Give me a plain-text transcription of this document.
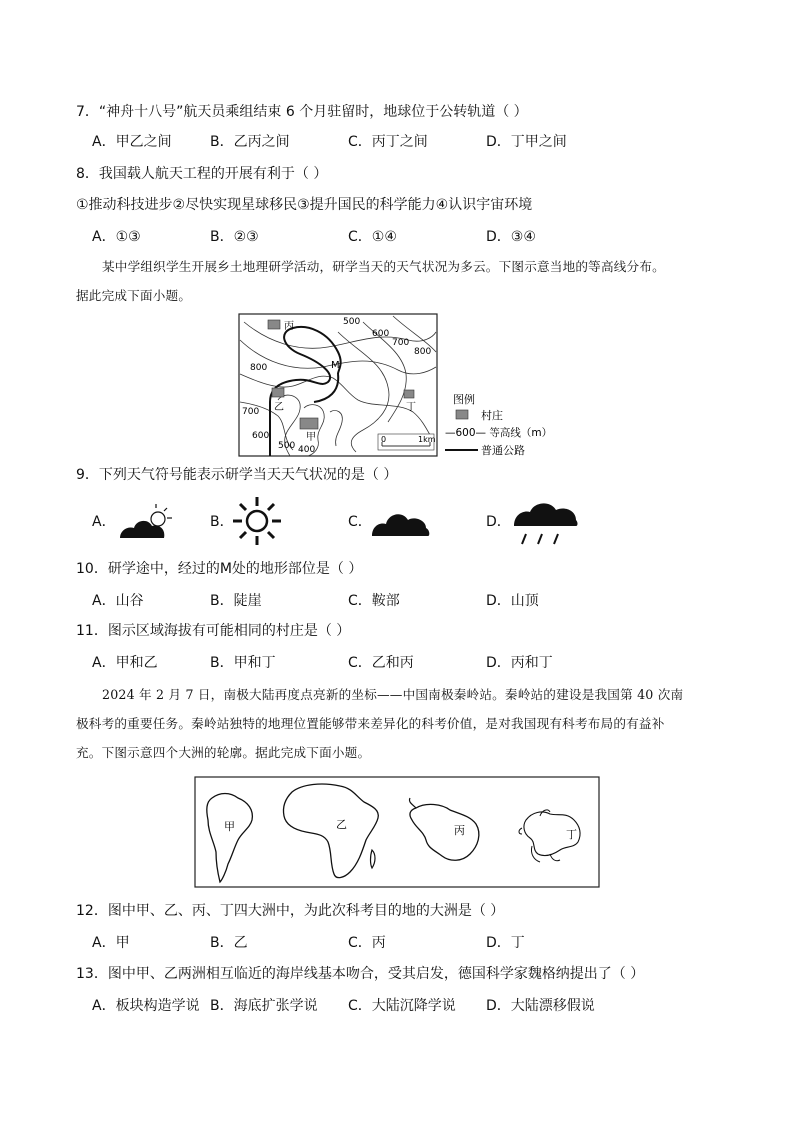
7．“神舟十八号”航天员乘组结束 6 个月驻留时，地球位于公转轨道（ ）
A．甲乙之间	B．乙丙之间	C．丙丁之间	D．丁甲之间
8．我国载人航天工程的开展有利于（ ）
①推动科技进步②尽快实现星球移民③提升国民的科学能力④认识宇宙环境
A．①③	B．②③	C．①④	D．③④
某中学组织学生开展乡土地理研学活动，研学当天的天气状况为多云。下图示意当地的等高线分布。
据此完成下面小题。
丙
乙
甲
丁
500
600
700
800
800
700
600
500 400
M
0	1km
图例
村庄
—600— 等高线（m）
普通公路
9．下列天气符号能表示研学当天天气状况的是（ ）
A．	B．	C．	D．
10．研学途中，经过的M处的地形部位是（ ）
A．山谷	B．陡崖	C．鞍部	D．山顶
11．图示区域海拔有可能相同的村庄是（ ）
A．甲和乙	B．甲和丁	C．乙和丙	D．丙和丁
2024 年 2 月 7 日，南极大陆再度点亮新的坐标——中国南极秦岭站。秦岭站的建设是我国第 40 次南
极科考的重要任务。秦岭站独特的地理位置能够带来差异化的科考价值，是对我国现有科考布局的有益补
充。下图示意四个大洲的轮廓。据此完成下面小题。
甲	乙	丙	丁
12．图中甲、乙、丙、丁四大洲中，为此次科考目的地的大洲是（ ）
A．甲	B．乙	C．丙	D．丁
13．图中甲、乙两洲相互临近的海岸线基本吻合，受其启发，德国科学家魏格纳提出了（ ）
A．板块构造学说 B．海底扩张学说 C．大陆沉降学说 D．大陆漂移假说
